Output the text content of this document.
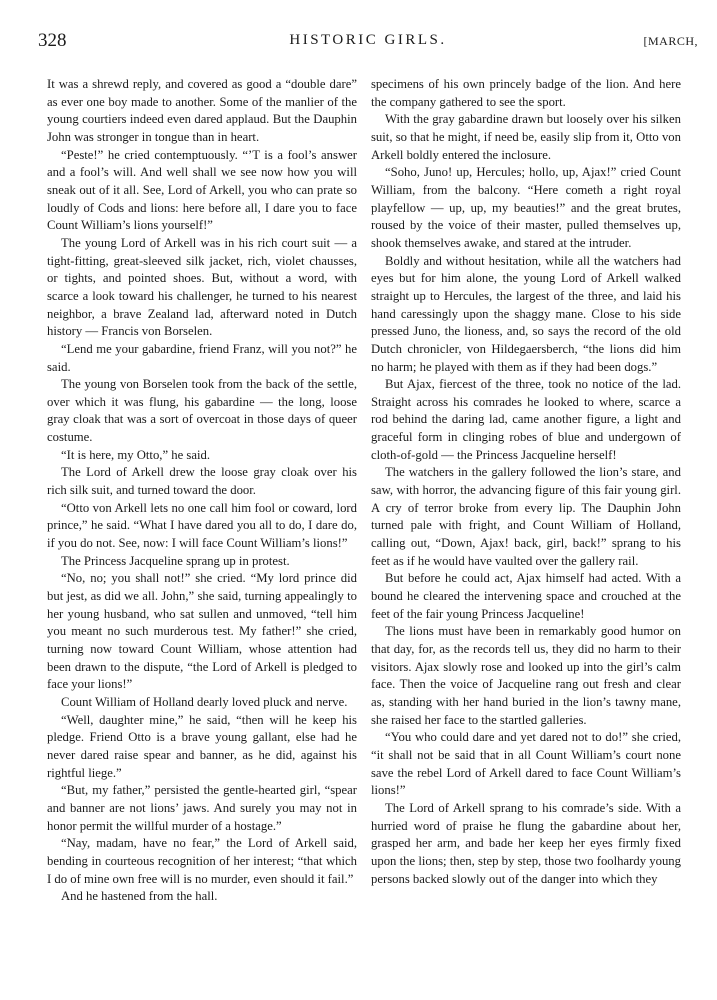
328	HISTORIC GIRLS.	[MARCH,

It was a shrewd reply, and covered as good a “double dare” as ever one boy made to another. Some of the manlier of the young courtiers indeed even dared applaud. But the Dauphin John was stronger in tongue than in heart.

“Peste!” he cried contemptuously. “’T is a fool’s answer and a fool’s will. And well shall we see now how you will sneak out of it all. See, Lord of Arkell, you who can prate so loudly of Cods and lions: here before all, I dare you to face Count William’s lions yourself!”

The young Lord of Arkell was in his rich court suit — a tight-fitting, great-sleeved silk jacket, rich, violet chausses, or tights, and pointed shoes. But, without a word, with scarce a look toward his challenger, he turned to his nearest neighbor, a brave Zealand lad, afterward noted in Dutch history — Francis von Borselen.

“Lend me your gabardine, friend Franz, will you not?” he said.

The young von Borselen took from the back of the settle, over which it was flung, his gabardine — the long, loose gray cloak that was a sort of overcoat in those days of queer costume.

“It is here, my Otto,” he said.

The Lord of Arkell drew the loose gray cloak over his rich silk suit, and turned toward the door.

“Otto von Arkell lets no one call him fool or coward, lord prince,” he said. “What I have dared you all to do, I dare do, if you do not. See, now: I will face Count William’s lions!”

The Princess Jacqueline sprang up in protest.

“No, no; you shall not!” she cried. “My lord prince did but jest, as did we all. John,” she said, turning appealingly to her young husband, who sat sullen and unmoved, “tell him you meant no such murderous test. My father!” she cried, turning now toward Count William, whose attention had been drawn to the dispute, “the Lord of Arkell is pledged to face your lions!”

Count William of Holland dearly loved pluck and nerve.

“Well, daughter mine,” he said, “then will he keep his pledge. Friend Otto is a brave young gallant, else had he never dared raise spear and banner, as he did, against his rightful liege.”

“But, my father,” persisted the gentle-hearted girl, “spear and banner are not lions’ jaws. And surely you may not in honor permit the willful murder of a hostage.”

“Nay, madam, have no fear,” the Lord of Arkell said, bending in courteous recognition of her interest; “that which I do of mine own free will is no murder, even should it fail.”

And he hastened from the hall.

specimens of his own princely badge of the lion. And here the company gathered to see the sport.

With the gray gabardine drawn but loosely over his silken suit, so that he might, if need be, easily slip from it, Otto von Arkell boldly entered the inclosure.

“Soho, Juno! up, Hercules; hollo, up, Ajax!” cried Count William, from the balcony. “Here cometh a right royal playfellow — up, up, my beauties!” and the great brutes, roused by the voice of their master, pulled themselves up, shook themselves awake, and stared at the intruder.

Boldly and without hesitation, while all the watchers had eyes but for him alone, the young Lord of Arkell walked straight up to Hercules, the largest of the three, and laid his hand caressingly upon the shaggy mane. Close to his side pressed Juno, the lioness, and, so says the record of the old Dutch chronicler, von Hildegaersberch, “the lions did him no harm; he played with them as if they had been dogs.”

But Ajax, fiercest of the three, took no notice of the lad. Straight across his comrades he looked to where, scarce a rod behind the daring lad, came another figure, a light and graceful form in clinging robes of blue and undergown of cloth-of-gold — the Princess Jacqueline herself!

The watchers in the gallery followed the lion’s stare, and saw, with horror, the advancing figure of this fair young girl. A cry of terror broke from every lip. The Dauphin John turned pale with fright, and Count William of Holland, calling out, “Down, Ajax! back, girl, back!” sprang to his feet as if he would have vaulted over the gallery rail.

But before he could act, Ajax himself had acted. With a bound he cleared the intervening space and crouched at the feet of the fair young Princess Jacqueline!

The lions must have been in remarkably good humor on that day, for, as the records tell us, they did no harm to their visitors. Ajax slowly rose and looked up into the girl’s calm face. Then the voice of Jacqueline rang out fresh and clear as, standing with her hand buried in the lion’s tawny mane, she raised her face to the startled galleries.

“You who could dare and yet dared not to do!” she cried, “it shall not be said that in all Count William’s court none save the rebel Lord of Arkell dared to face Count William’s lions!”

The Lord of Arkell sprang to his comrade’s side. With a hurried word of praise he flung the gabardine about her, grasped her arm, and bade her keep her eyes firmly fixed upon the lions; then, step by step, those two foolhardy young persons backed slowly out of the danger into which they
